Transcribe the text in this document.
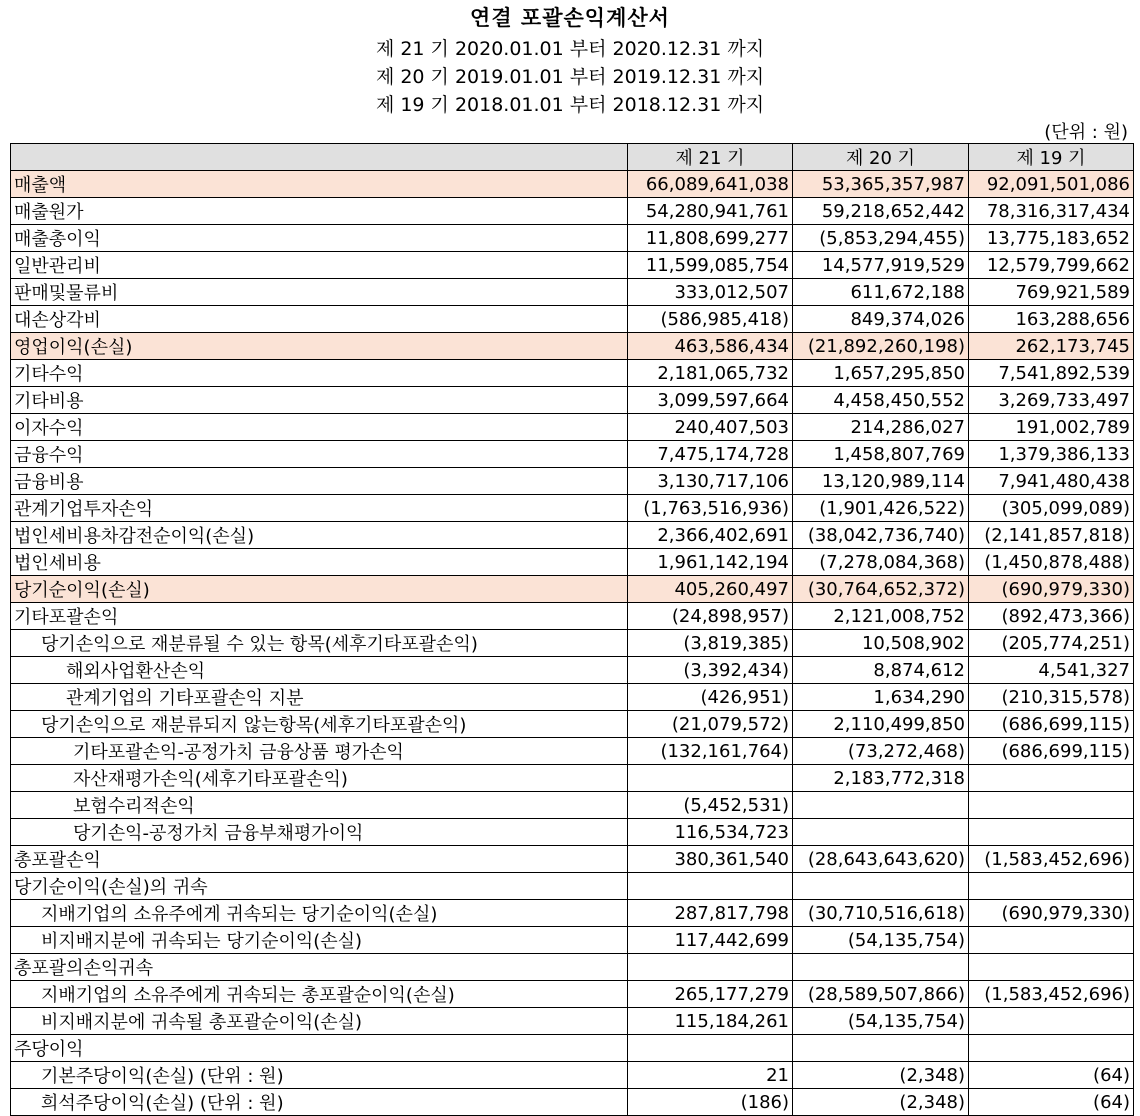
연결 포괄손익계산서
제 21 기 2020.01.01 부터 2020.12.31 까지
제 20 기 2019.01.01 부터 2019.12.31 까지
제 19 기 2018.01.01 부터 2018.12.31 까지
(단위 : 원)
	제 21 기	제 20 기	제 19 기
매출액	66,089,641,038	53,365,357,987	92,091,501,086
매출원가	54,280,941,761	59,218,652,442	78,316,317,434
매출총이익	11,808,699,277	(5,853,294,455)	13,775,183,652
일반관리비	11,599,085,754	14,577,919,529	12,579,799,662
판매및물류비	333,012,507	611,672,188	769,921,589
대손상각비	(586,985,418)	849,374,026	163,288,656
영업이익(손실)	463,586,434	(21,892,260,198)	262,173,745
기타수익	2,181,065,732	1,657,295,850	7,541,892,539
기타비용	3,099,597,664	4,458,450,552	3,269,733,497
이자수익	240,407,503	214,286,027	191,002,789
금융수익	7,475,174,728	1,458,807,769	1,379,386,133
금융비용	3,130,717,106	13,120,989,114	7,941,480,438
관계기업투자손익	(1,763,516,936)	(1,901,426,522)	(305,099,089)
법인세비용차감전순이익(손실)	2,366,402,691	(38,042,736,740)	(2,141,857,818)
법인세비용	1,961,142,194	(7,278,084,368)	(1,450,878,488)
당기순이익(손실)	405,260,497	(30,764,652,372)	(690,979,330)
기타포괄손익	(24,898,957)	2,121,008,752	(892,473,366)
당기손익으로 재분류될 수 있는 항목(세후기타포괄손익)	(3,819,385)	10,508,902	(205,774,251)
해외사업환산손익	(3,392,434)	8,874,612	4,541,327
관계기업의 기타포괄손익 지분	(426,951)	1,634,290	(210,315,578)
당기손익으로 재분류되지 않는항목(세후기타포괄손익)	(21,079,572)	2,110,499,850	(686,699,115)
기타포괄손익-공정가치 금융상품 평가손익	(132,161,764)	(73,272,468)	(686,699,115)
자산재평가손익(세후기타포괄손익)		2,183,772,318	
보험수리적손익	(5,452,531)		
당기손익-공정가치 금융부채평가이익	116,534,723		
총포괄손익	380,361,540	(28,643,643,620)	(1,583,452,696)
당기순이익(손실)의 귀속			
지배기업의 소유주에게 귀속되는 당기순이익(손실)	287,817,798	(30,710,516,618)	(690,979,330)
비지배지분에 귀속되는 당기순이익(손실)	117,442,699	(54,135,754)	
총포괄의손익귀속			
지배기업의 소유주에게 귀속되는 총포괄순이익(손실)	265,177,279	(28,589,507,866)	(1,583,452,696)
비지배지분에 귀속될 총포괄순이익(손실)	115,184,261	(54,135,754)	
주당이익			
기본주당이익(손실) (단위 : 원)	21	(2,348)	(64)
희석주당이익(손실) (단위 : 원)	(186)	(2,348)	(64)
